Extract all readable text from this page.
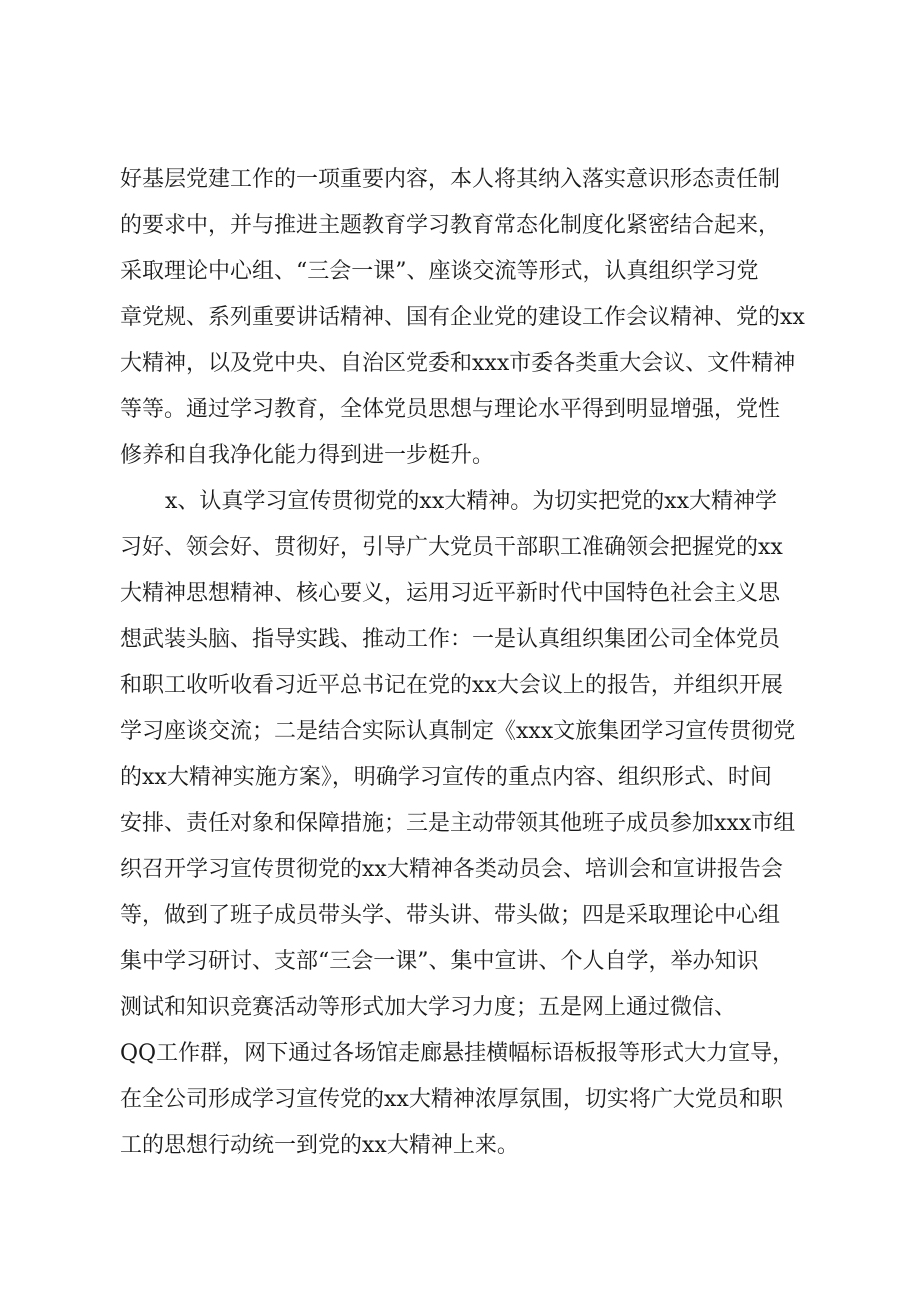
好基层党建工作的一项重要内容，本人将其纳入落实意识形态责任制
的要求中，并与推进主题教育学习教育常态化制度化紧密结合起来，
采取理论中心组、“三会一课”、座谈交流等形式，认真组织学习党
章党规、系列重要讲话精神、国有企业党的建设工作会议精神、党的xx
大精神，以及党中央、自治区党委和xxx市委各类重大会议、文件精神
等等。通过学习教育，全体党员思想与理论水平得到明显增强，党性
修养和自我净化能力得到进一步梃升。
x、认真学习宣传贯彻党的xx大精神。为切实把党的xx大精神学
习好、领会好、贯彻好，引导广大党员干部职工准确领会把握党的xx
大精神思想精神、核心要义，运用习近平新时代中国特色社会主义思
想武装头脑、指导实践、推动工作：一是认真组织集团公司全体党员
和职工收听收看习近平总书记在党的xx大会议上的报告，并组织开展
学习座谈交流；二是结合实际认真制定《xxx文旅集团学习宣传贯彻党
的xx大精神实施方案》，明确学习宣传的重点内容、组织形式、时间
安排、责任对象和保障措施；三是主动带领其他班子成员参加xxx市组
织召开学习宣传贯彻党的xx大精神各类动员会、培训会和宣讲报告会
等，做到了班子成员带头学、带头讲、带头做；四是采取理论中心组
集中学习研讨、支部“三会一课”、集中宣讲、个人自学，举办知识
测试和知识竞赛活动等形式加大学习力度；五是网上通过微信、
QQ工作群，网下通过各场馆走廊悬挂横幅标语板报等形式大力宣导，
在全公司形成学习宣传党的xx大精神浓厚氛围，切实将广大党员和职
工的思想行动统一到党的xx大精神上来。
